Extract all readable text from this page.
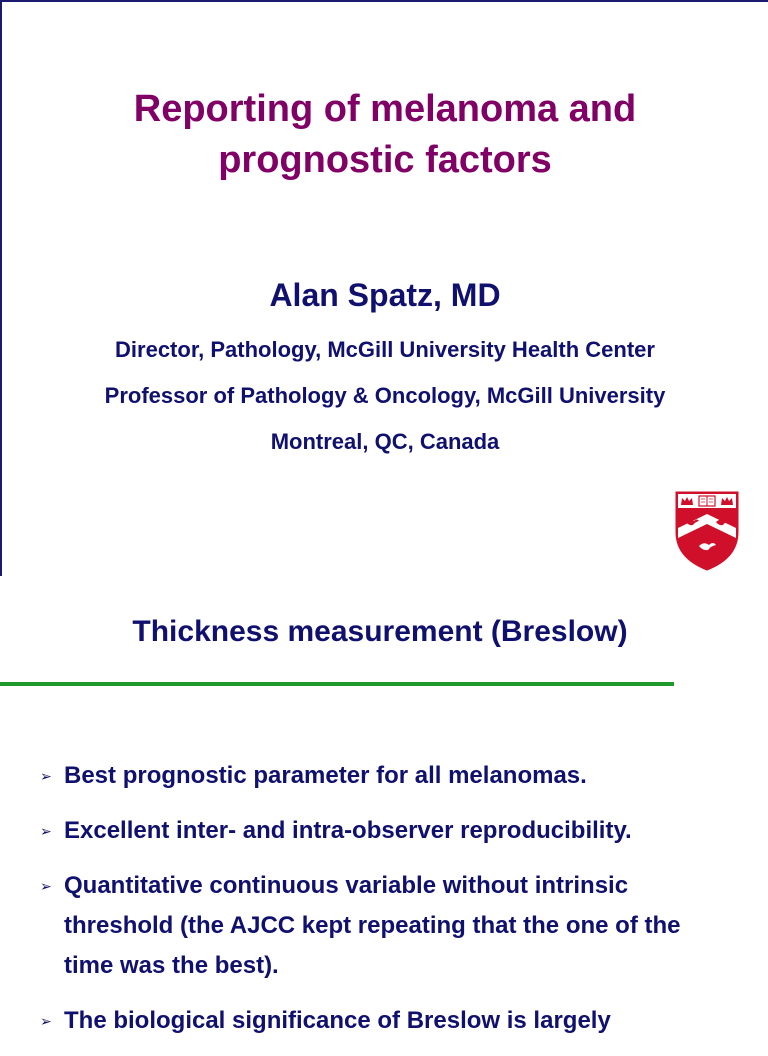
Reporting of melanoma and
prognostic factors
Alan Spatz, MD
Director, Pathology, McGill University Health Center
Professor of Pathology & Oncology, McGill University
Montreal, QC, Canada
Thickness measurement (Breslow)
➢ Best prognostic parameter for all melanomas.
➢ Excellent inter- and intra-observer reproducibility.
➢ Quantitative continuous variable without intrinsic threshold (the AJCC kept repeating that the one of the time was the best).
➢ The biological significance of Breslow is largely
